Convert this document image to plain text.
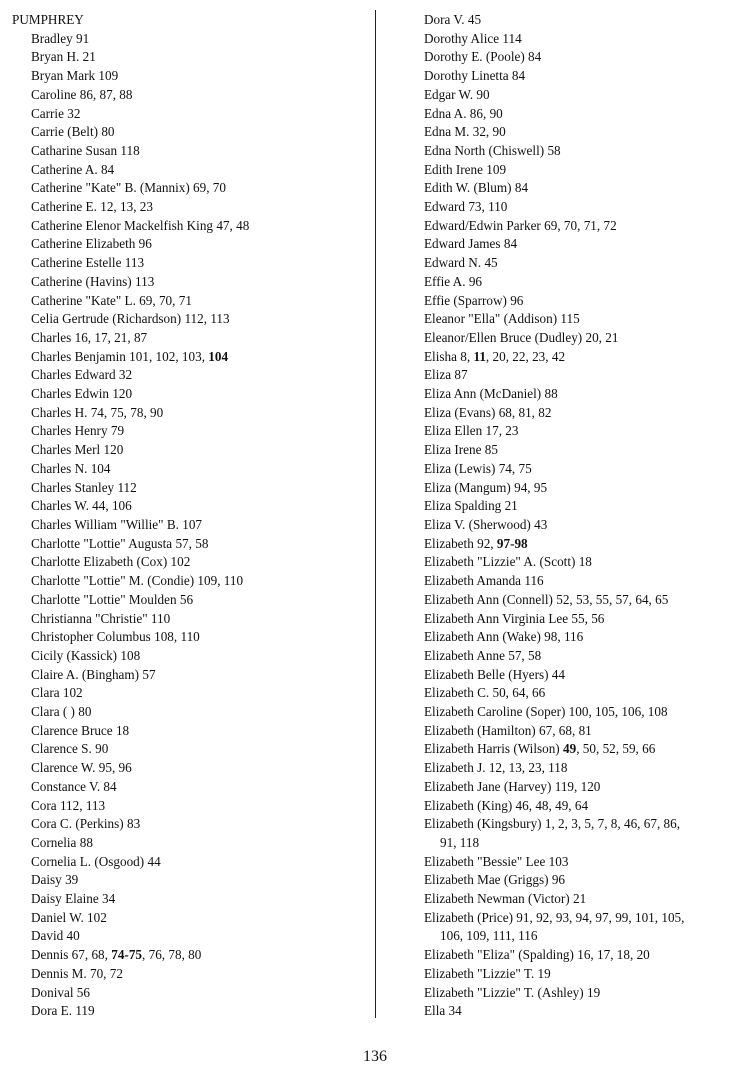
PUMPHREY
Bradley 91
Bryan H. 21
Bryan Mark 109
Caroline 86, 87, 88
Carrie 32
Carrie (Belt) 80
Catharine Susan 118
Catherine A. 84
Catherine "Kate" B. (Mannix) 69, 70
Catherine E. 12, 13, 23
Catherine Elenor Mackelfish King 47, 48
Catherine Elizabeth 96
Catherine Estelle 113
Catherine (Havins) 113
Catherine "Kate" L. 69, 70, 71
Celia Gertrude (Richardson) 112, 113
Charles 16, 17, 21, 87
Charles Benjamin 101, 102, 103, 104
Charles Edward 32
Charles Edwin 120
Charles H. 74, 75, 78, 90
Charles Henry 79
Charles Merl 120
Charles N. 104
Charles Stanley 112
Charles W. 44, 106
Charles William "Willie" B. 107
Charlotte "Lottie" Augusta 57, 58
Charlotte Elizabeth (Cox) 102
Charlotte "Lottie" M. (Condie) 109, 110
Charlotte "Lottie" Moulden 56
Christianna "Christie" 110
Christopher Columbus 108, 110
Cicily (Kassick) 108
Claire A. (Bingham) 57
Clara 102
Clara ( ) 80
Clarence Bruce 18
Clarence S. 90
Clarence W. 95, 96
Constance V. 84
Cora 112, 113
Cora C. (Perkins) 83
Cornelia 88
Cornelia L. (Osgood) 44
Daisy 39
Daisy Elaine 34
Daniel W. 102
David 40
Dennis 67, 68, 74-75, 76, 78, 80
Dennis M. 70, 72
Donival 56
Dora E. 119
Dora V. 45
Dorothy Alice 114
Dorothy E. (Poole) 84
Dorothy Linetta 84
Edgar W. 90
Edna A. 86, 90
Edna M. 32, 90
Edna North (Chiswell) 58
Edith Irene 109
Edith W. (Blum) 84
Edward 73, 110
Edward/Edwin Parker 69, 70, 71, 72
Edward James 84
Edward N. 45
Effie A. 96
Effie (Sparrow) 96
Eleanor "Ella" (Addison) 115
Eleanor/Ellen Bruce (Dudley) 20, 21
Elisha 8, 11, 20, 22, 23, 42
Eliza 87
Eliza Ann (McDaniel) 88
Eliza (Evans) 68, 81, 82
Eliza Ellen 17, 23
Eliza Irene 85
Eliza (Lewis) 74, 75
Eliza (Mangum) 94, 95
Eliza Spalding 21
Eliza V. (Sherwood) 43
Elizabeth 92, 97-98
Elizabeth "Lizzie" A. (Scott) 18
Elizabeth Amanda 116
Elizabeth Ann (Connell) 52, 53, 55, 57, 64, 65
Elizabeth Ann Virginia Lee 55, 56
Elizabeth Ann (Wake) 98, 116
Elizabeth Anne 57, 58
Elizabeth Belle (Hyers) 44
Elizabeth C. 50, 64, 66
Elizabeth Caroline (Soper) 100, 105, 106, 108
Elizabeth (Hamilton) 67, 68, 81
Elizabeth Harris (Wilson) 49, 50, 52, 59, 66
Elizabeth J. 12, 13, 23, 118
Elizabeth Jane (Harvey) 119, 120
Elizabeth (King) 46, 48, 49, 64
Elizabeth (Kingsbury) 1, 2, 3, 5, 7, 8, 46, 67, 86,
91, 118
Elizabeth "Bessie" Lee 103
Elizabeth Mae (Griggs) 96
Elizabeth Newman (Victor) 21
Elizabeth (Price) 91, 92, 93, 94, 97, 99, 101, 105,
106, 109, 111, 116
Elizabeth "Eliza" (Spalding) 16, 17, 18, 20
Elizabeth "Lizzie" T. 19
Elizabeth "Lizzie" T. (Ashley) 19
Ella 34
136
